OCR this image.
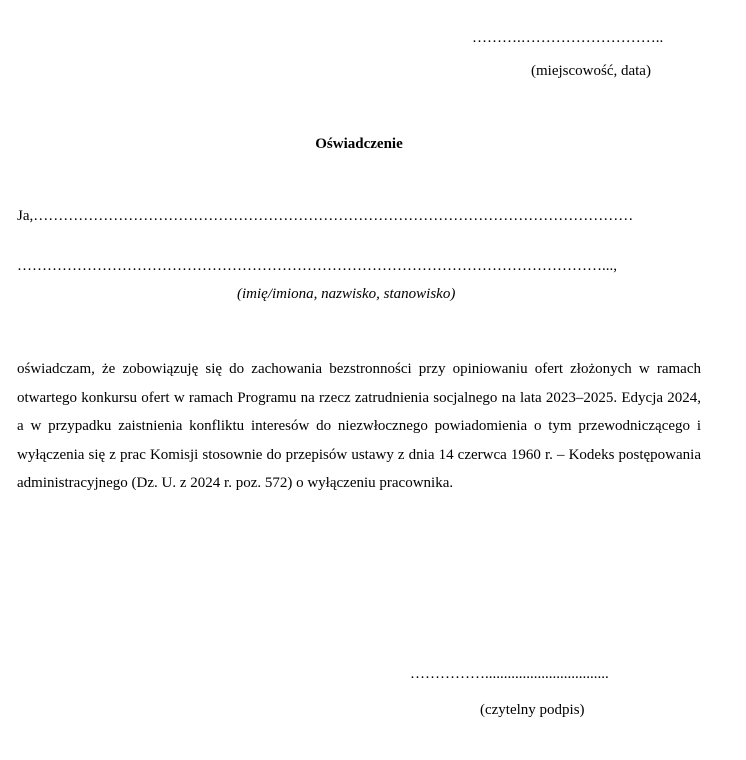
……….………………………..
(miejscowość, data)
Oświadczenie
Ja,…………………………………………………………………………………………………………
………………………………………………………………………………………………………...,
(imię/imiona, nazwisko, stanowisko)

oświadczam, że zobowiązuję się do zachowania bezstronności przy opiniowaniu ofert złożonych w ramach otwartego konkursu ofert w ramach Programu na rzecz zatrudnienia socjalnego na lata 2023–2025. Edycja 2024, a w przypadku zaistnienia konfliktu interesów do niezwłocznego powiadomienia o tym przewodniczącego i wyłączenia się z prac Komisji stosownie do przepisów ustawy z dnia 14 czerwca 1960 r. – Kodeks postępowania administracyjnego (Dz. U. z 2024 r. poz. 572) o wyłączeniu pracownika.

…………….................................
(czytelny podpis)
